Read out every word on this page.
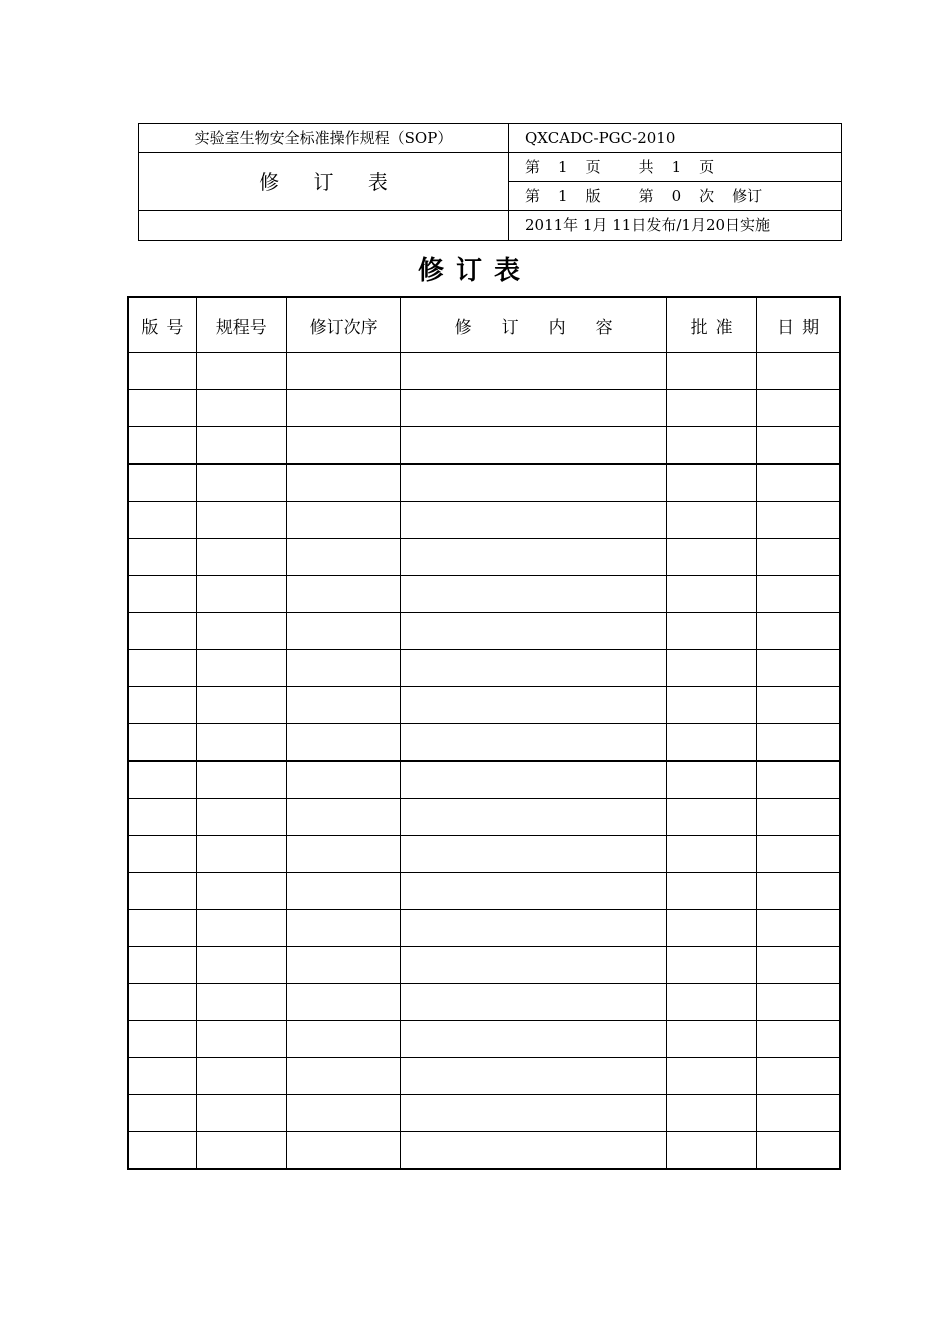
实验室生物安全标准操作规程（SOP）	QXCADC-PGC-2010
修 订 表	第 1 页 共 1 页
	第 1 版 第 0 次 修订
	2011年 1月 11日发布/1月20日实施
修订表
版号	规程号	修订次序	修订内容	批准	日期
